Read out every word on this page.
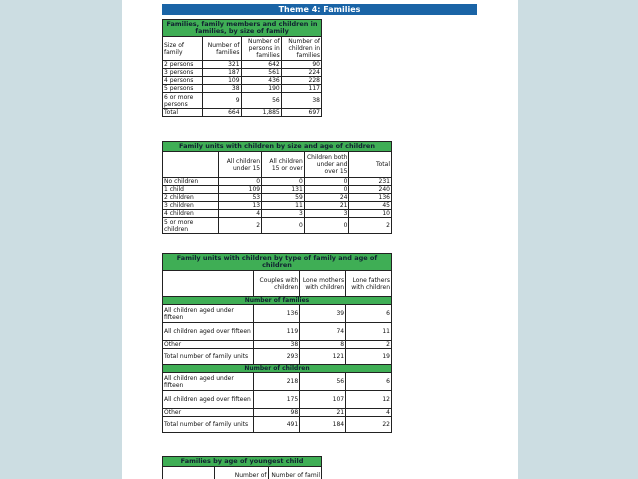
Theme 4: Families
Families, family members and children in families, by size of family			
Size of family	Number of families	Number of persons in families	Number of children in families
2 persons	321	642	90
3 persons	187	561	224
4 persons	109	436	228
5 persons	38	190	117
6 or more persons	9	56	38
Total	664	1,885	697
Family units with children by size and age of children				
	All children under 15	All children 15 or over	Children both under and over 15	Total
No children	0	0	0	231
1 child	109	131	0	240
2 children	53	59	24	136
3 children	13	11	21	45
4 children	4	3	3	10
5 or more children	2	0	0	2
Family units with children by type of family and age of children			
	Couples with children	Lone mothers with children	Lone fathers with children
Number of families			
All children aged under fifteen	136	39	6
All children aged over fifteen	119	74	11
Other	38	8	2
Total number of family units	293	121	19
Number of children			
All children aged under fifteen	218	56	6
All children aged over fifteen	175	107	12
Other	98	21	4
Total number of family units	491	184	22
Families by age of youngest child
	Number of	Number of famil
